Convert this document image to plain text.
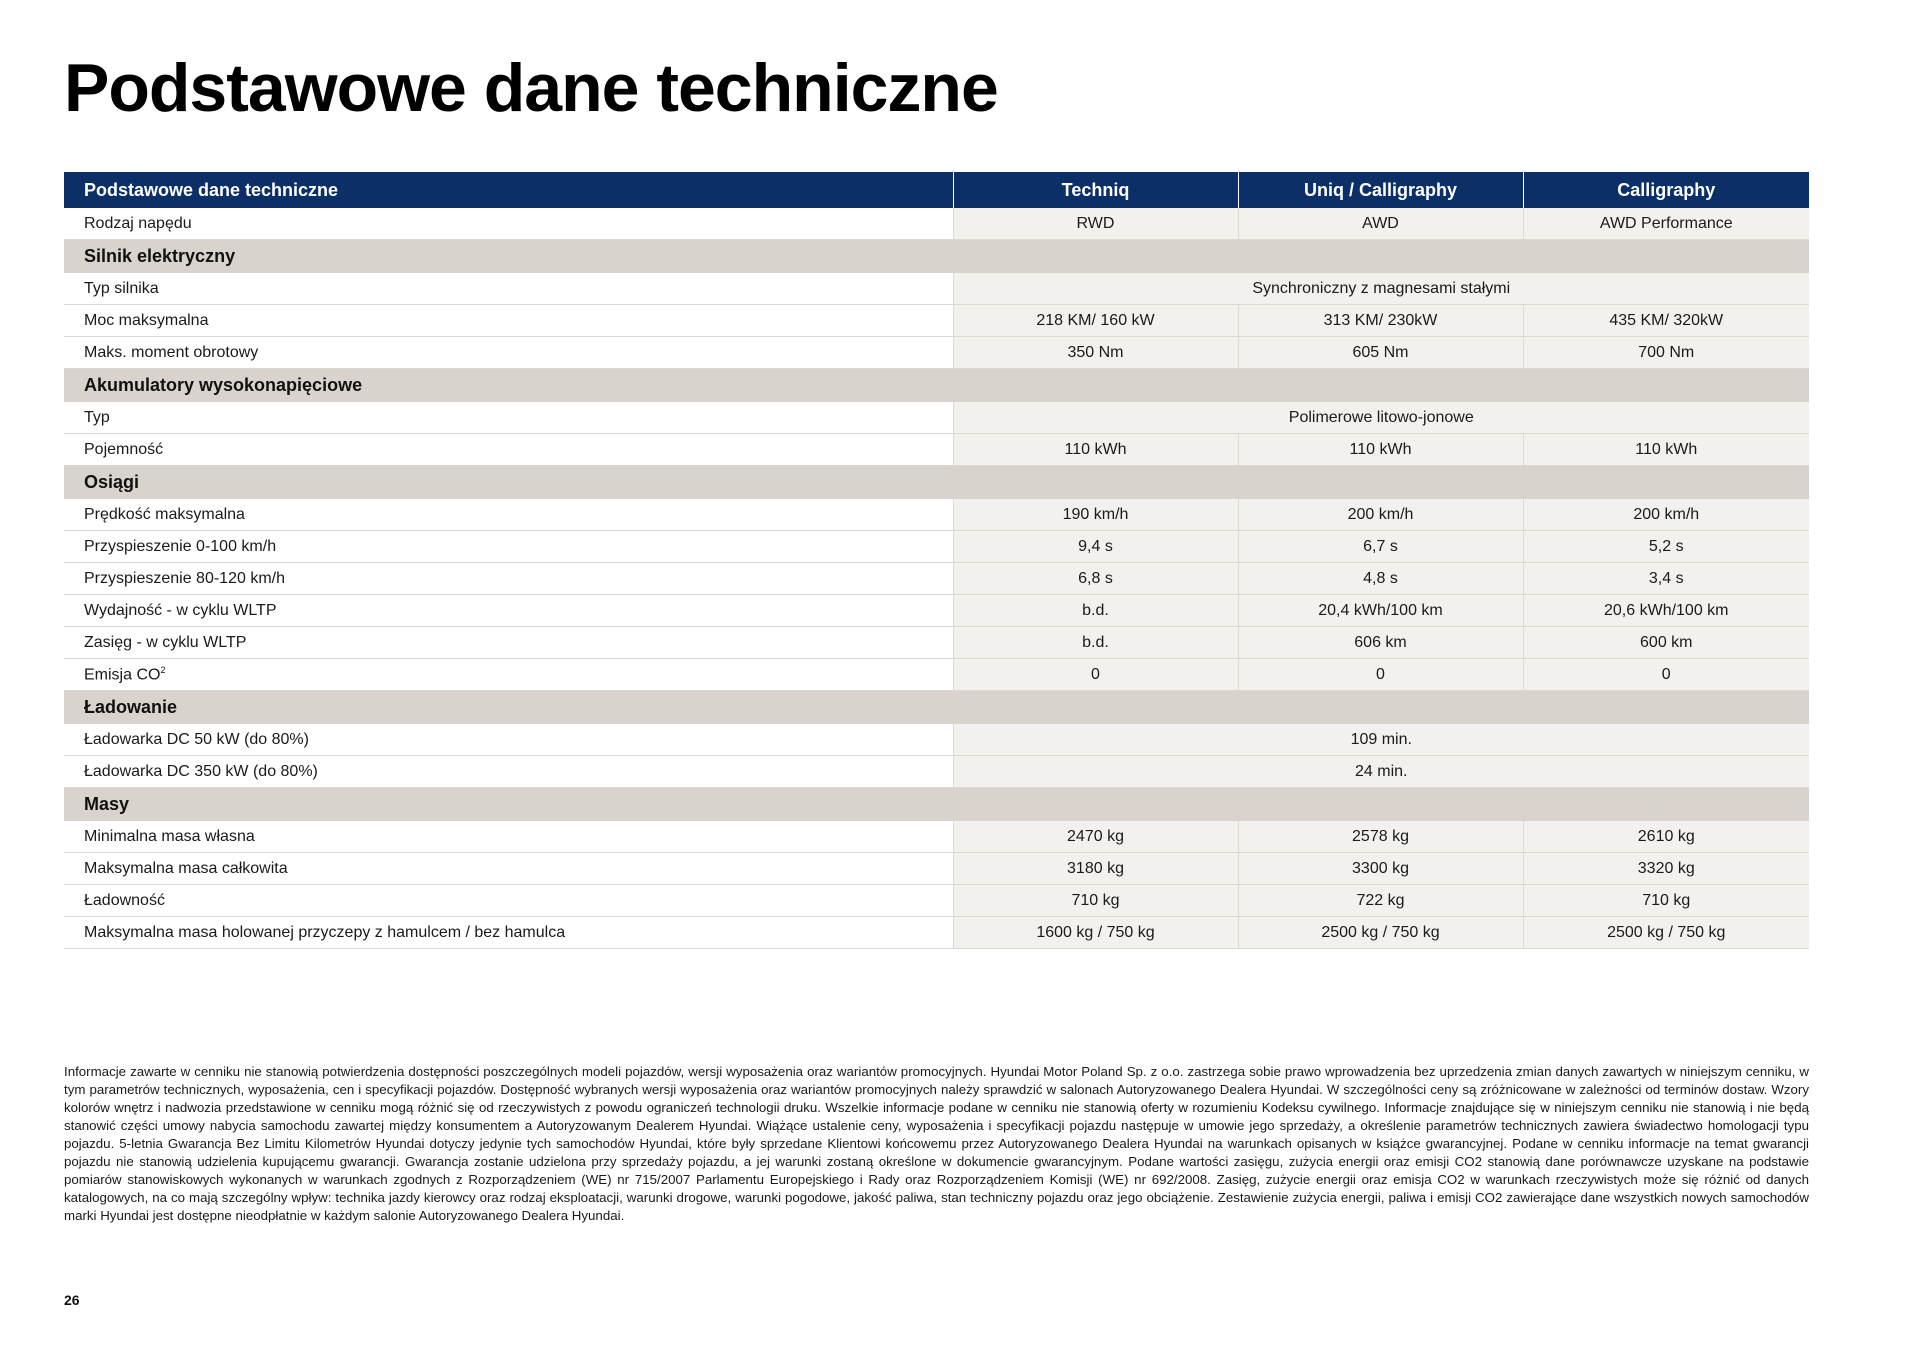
Podstawowe dane techniczne
Podstawowe dane techniczne	Techniq	Uniq / Calligraphy	Calligraphy
Rodzaj napędu	RWD	AWD	AWD Performance
Silnik elektryczny			
Typ silnika	Synchroniczny z magnesami stałymi		
Moc maksymalna	218 KM/ 160 kW	313 KM/ 230kW	435 KM/ 320kW
Maks. moment obrotowy	350 Nm	605 Nm	700 Nm
Akumulatory wysokonapięciowe			
Typ	Polimerowe litowo-jonowe		
Pojemność	110 kWh	110 kWh	110 kWh
Osiągi			
Prędkość maksymalna	190 km/h	200 km/h	200 km/h
Przyspieszenie 0-100 km/h	9,4 s	6,7 s	5,2 s
Przyspieszenie 80-120 km/h	6,8 s	4,8 s	3,4 s
Wydajność - w cyklu WLTP	b.d.	20,4 kWh/100 km	20,6 kWh/100 km
Zasięg - w cyklu WLTP	b.d.	606 km	600 km
Emisja $CO^2$	0	0	0
Ładowanie			
Ładowarka DC 50 kW (do 80%)	109 min.		
Ładowarka DC 350 kW (do 80%)	24 min.		
Masy			
Minimalna masa własna	2470 kg	2578 kg	2610 kg
Maksymalna masa całkowita	3180 kg	3300 kg	3320 kg
Ładowność	710 kg	722 kg	710 kg
Maksymalna masa holowanej przyczepy z hamulcem / bez hamulca	1600 kg / 750 kg	2500 kg / 750 kg	2500 kg / 750 kg

Informacje zawarte w cenniku nie stanowią potwierdzenia dostępności poszczególnych modeli pojazdów, wersji wyposażenia oraz wariantów promocyjnych. Hyundai Motor Poland Sp. z o.o. zastrzega sobie prawo wprowadzenia bez uprzedzenia zmian danych zawartych w niniejszym cenniku, w tym parametrów technicznych, wyposażenia, cen i specyfikacji pojazdów. Dostępność wybranych wersji wyposażenia oraz wariantów promocyjnych należy sprawdzić w salonach Autoryzowanego Dealera Hyundai. W szczególności ceny są zróżnicowane w zależności od terminów dostaw. Wzory kolorów wnętrz i nadwozia przedstawione w cenniku mogą różnić się od rzeczywistych z powodu ograniczeń technologii druku. Wszelkie informacje podane w cenniku nie stanowią oferty w rozumieniu Kodeksu cywilnego. Informacje znajdujące się w niniejszym cenniku nie stanowią i nie będą stanowić części umowy nabycia samochodu zawartej między konsumentem a Autoryzowanym Dealerem Hyundai. Wiążące ustalenie ceny, wyposażenia i specyfikacji pojazdu następuje w umowie jego sprzedaży, a określenie parametrów technicznych zawiera świadectwo homologacji typu pojazdu. 5-letnia Gwarancja Bez Limitu Kilometrów Hyundai dotyczy jedynie tych samochodów Hyundai, które były sprzedane Klientowi końcowemu przez Autoryzowanego Dealera Hyundai na warunkach opisanych w książce gwarancyjnej. Podane w cenniku informacje na temat gwarancji pojazdu nie stanowią udzielenia kupującemu gwarancji. Gwarancja zostanie udzielona przy sprzedaży pojazdu, a jej warunki zostaną określone w dokumencie gwarancyjnym. Podane wartości zasięgu, zużycia energii oraz emisji CO2 stanowią dane porównawcze uzyskane na podstawie pomiarów stanowiskowych wykonanych w warunkach zgodnych z Rozporządzeniem (WE) nr 715/2007 Parlamentu Europejskiego i Rady oraz Rozporządzeniem Komisji (WE) nr 692/2008. Zasięg, zużycie energii oraz emisja CO2 w warunkach rzeczywistych może się różnić od danych katalogowych, na co mają szczególny wpływ: technika jazdy kierowcy oraz rodzaj eksploatacji, warunki drogowe, warunki pogodowe, jakość paliwa, stan techniczny pojazdu oraz jego obciążenie. Zestawienie zużycia energii, paliwa i emisji CO2 zawierające dane wszystkich nowych samochodów marki Hyundai jest dostępne nieodpłatnie w każdym salonie Autoryzowanego Dealera Hyundai.

26
